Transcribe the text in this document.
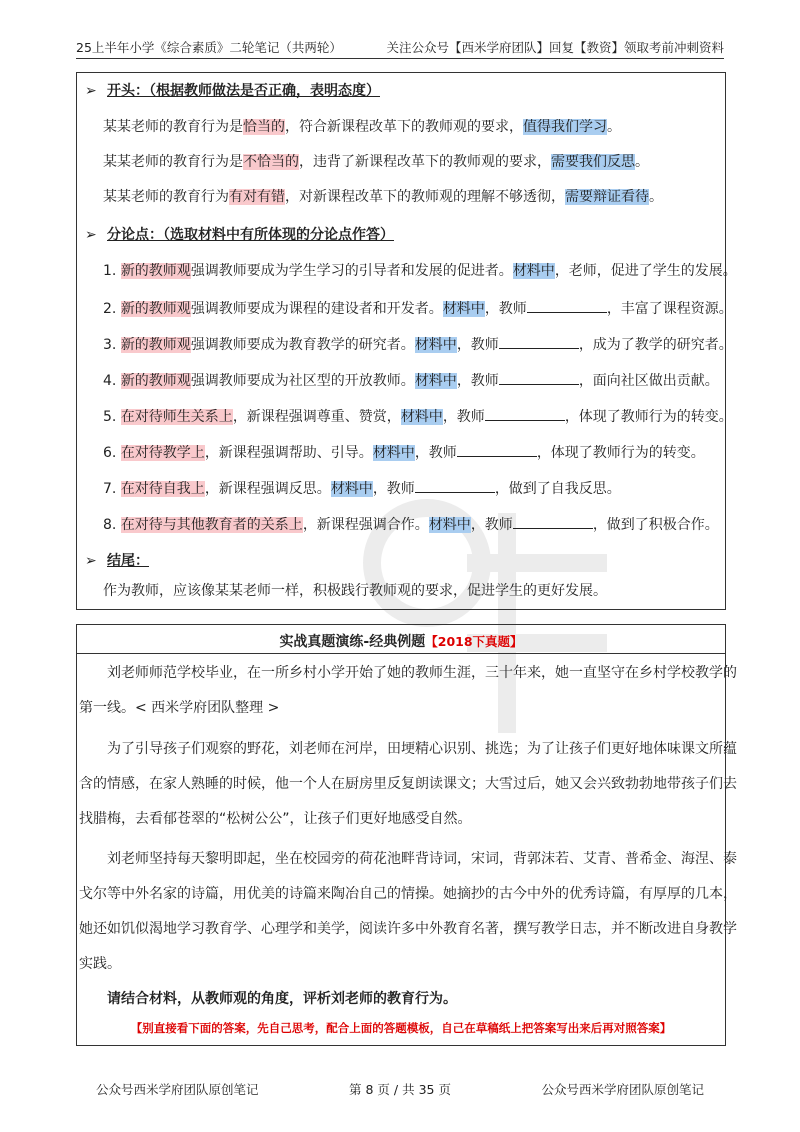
25上半年小学《综合素质》二轮笔记（共两轮）	关注公众号【西米学府团队】回复【教资】领取考前冲刺资料
➢ 开头：（根据教师做法是否正确，表明态度）
某某老师的教育行为是恰当的，符合新课程改革下的教师观的要求，值得我们学习。
某某老师的教育行为是不恰当的，违背了新课程改革下的教师观的要求，需要我们反思。
某某老师的教育行为有对有错，对新课程改革下的教师观的理解不够透彻，需要辩证看待。
➢ 分论点：（选取材料中有所体现的分论点作答）
1. 新的教师观强调教师要成为学生学习的引导者和发展的促进者。材料中，老师，促进了学生的发展。
2. 新的教师观强调教师要成为课程的建设者和开发者。材料中，教师	，丰富了课程资源。
3. 新的教师观强调教师要成为教育教学的研究者。材料中，教师	，成为了教学的研究者。
4. 新的教师观强调教师要成为社区型的开放教师。材料中，教师	，面向社区做出贡献。
5. 在对待师生关系上，新课程强调尊重、赞赏，材料中，教师	，体现了教师行为的转变。
6. 在对待教学上，新课程强调帮助、引导。材料中，教师	，体现了教师行为的转变。
7. 在对待自我上，新课程强调反思。材料中，教师	，做到了自我反思。
8. 在对待与其他教育者的关系上，新课程强调合作。材料中，教师	，做到了积极合作。
➢ 结尾：
作为教师，应该像某某老师一样，积极践行教师观的要求，促进学生的更好发展。
实战真题演练-经典例题【2018下真题】
刘老师师范学校毕业，在一所乡村小学开始了她的教师生涯，三十年来，她一直坚守在乡村学校教学的
第一线。< 西米学府团队整理 >
为了引导孩子们观察的野花，刘老师在河岸，田埂精心识别、挑选；为了让孩子们更好地体味课文所蕴
含的情感，在家人熟睡的时候，他一个人在厨房里反复朗读课文；大雪过后，她又会兴致勃勃地带孩子们去
找腊梅，去看郁苍翠的“松树公公”，让孩子们更好地感受自然。
刘老师坚持每天黎明即起，坐在校园旁的荷花池畔背诗词，宋词，背郭沫若、艾青、普希金、海涅、泰
戈尔等中外名家的诗篇，用优美的诗篇来陶冶自己的情操。她摘抄的古今中外的优秀诗篇，有厚厚的几本，
她还如饥似渴地学习教育学、心理学和美学，阅读许多中外教育名著，撰写教学日志，并不断改进自身教学
实践。
请结合材料，从教师观的角度，评析刘老师的教育行为。
【别直接看下面的答案，先自己思考，配合上面的答题模板，自己在草稿纸上把答案写出来后再对照答案】
公众号西米学府团队原创笔记	第 8 页 / 共 35 页	公众号西米学府团队原创笔记
